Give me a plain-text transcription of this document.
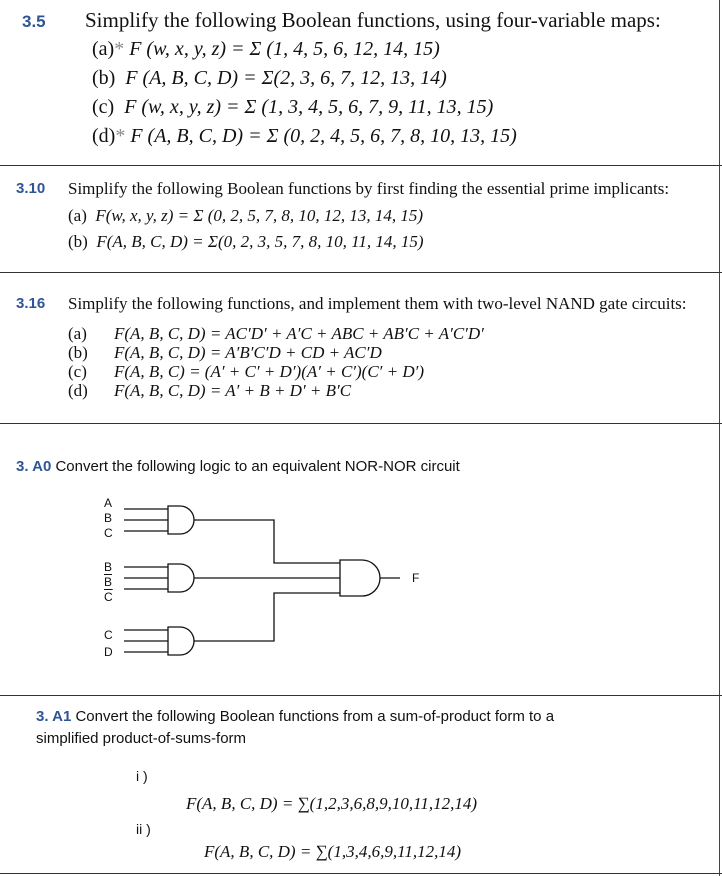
3.5 Simplify the following Boolean functions, using four-variable maps:
(a)* F (w, x, y, z) = Σ (1, 4, 5, 6, 12, 14, 15)
(b) F (A, B, C, D) = Σ(2, 3, 6, 7, 12, 13, 14)
(c) F (w, x, y, z) = Σ (1, 3, 4, 5, 6, 7, 9, 11, 13, 15)
(d)* F (A, B, C, D) = Σ (0, 2, 4, 5, 6, 7, 8, 10, 13, 15)
3.10 Simplify the following Boolean functions by first finding the essential prime implicants:
(a) F(w, x, y, z) = Σ (0, 2, 5, 7, 8, 10, 12, 13, 14, 15)
(b) F(A, B, C, D) = Σ(0, 2, 3, 5, 7, 8, 10, 11, 14, 15)
3.16 Simplify the following functions, and implement them with two-level NAND gate circuits:
(a) F(A, B, C, D) = AC′D′ + A′C + ABC + AB′C + A′C′D′
(b) F(A, B, C, D) = A′B′C′D + CD + AC′D
(c) F(A, B, C) = (A′ + C′ + D′)(A′ + C′)(C′ + D′)
(d) F(A, B, C, D) = A′ + B + D′ + B′C
3. A0 Convert the following logic to an equivalent NOR-NOR circuit
A
B
C
B
$\overline{B}$
$\overline{C}$
C
D
F
3. A1 Convert the following Boolean functions from a sum-of-product form to a
simplified product-of-sums-form
i )
F(A, B, C, D) = ∑(1,2,3,6,8,9,10,11,12,14)
ii )
F(A, B, C, D) = ∑(1,3,4,6,9,11,12,14)
